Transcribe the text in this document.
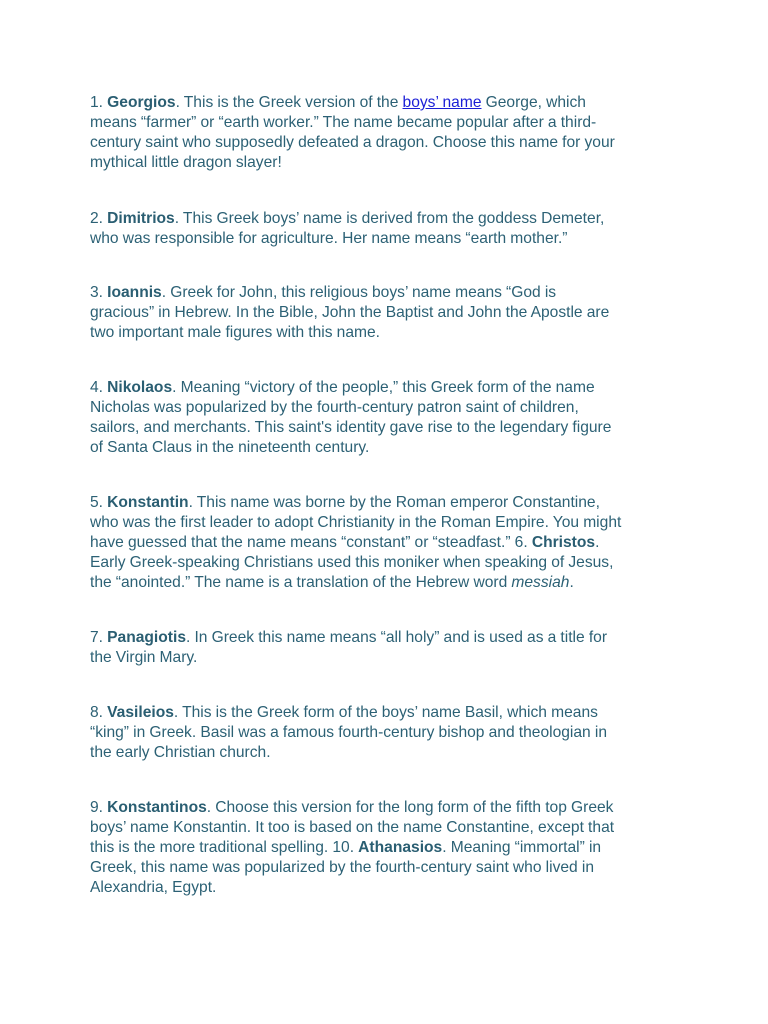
1. Georgios. This is the Greek version of the boys’ name George, which
means “farmer” or “earth worker.” The name became popular after a third-
century saint who supposedly defeated a dragon. Choose this name for your
mythical little dragon slayer!

2. Dimitrios. This Greek boys’ name is derived from the goddess Demeter,
who was responsible for agriculture. Her name means “earth mother.”

3. Ioannis. Greek for John, this religious boys’ name means “God is
gracious” in Hebrew. In the Bible, John the Baptist and John the Apostle are
two important male figures with this name.

4. Nikolaos. Meaning “victory of the people,” this Greek form of the name
Nicholas was popularized by the fourth-century patron saint of children,
sailors, and merchants. This saint's identity gave rise to the legendary figure
of Santa Claus in the nineteenth century.

5. Konstantin. This name was borne by the Roman emperor Constantine,
who was the first leader to adopt Christianity in the Roman Empire. You might
have guessed that the name means “constant” or “steadfast.” 6. Christos.
Early Greek-speaking Christians used this moniker when speaking of Jesus,
the “anointed.” The name is a translation of the Hebrew word messiah.

7. Panagiotis. In Greek this name means “all holy” and is used as a title for
the Virgin Mary.

8. Vasileios. This is the Greek form of the boys’ name Basil, which means
“king” in Greek. Basil was a famous fourth-century bishop and theologian in
the early Christian church.

9. Konstantinos. Choose this version for the long form of the fifth top Greek
boys’ name Konstantin. It too is based on the name Constantine, except that
this is the more traditional spelling. 10. Athanasios. Meaning “immortal” in
Greek, this name was popularized by the fourth-century saint who lived in
Alexandria, Egypt.
